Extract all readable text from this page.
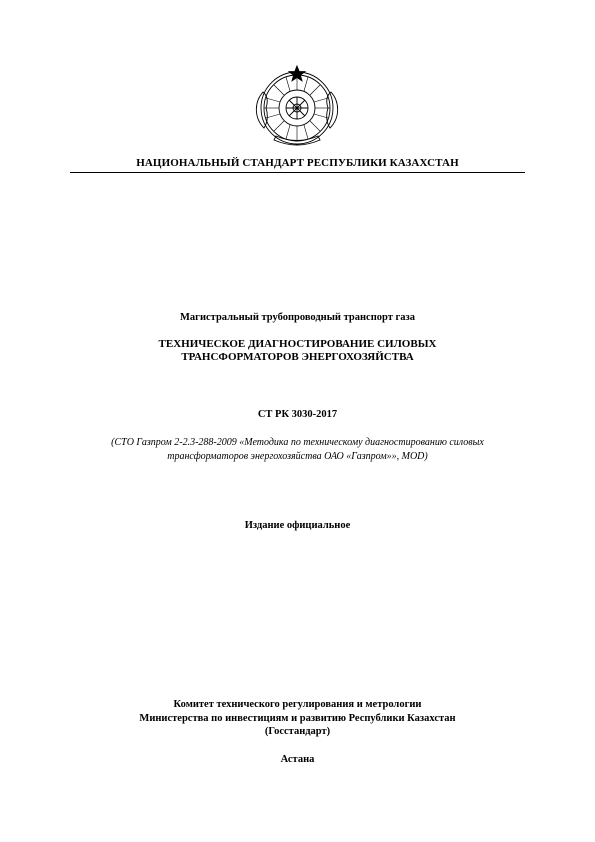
НАЦИОНАЛЬНЫЙ СТАНДАРТ РЕСПУБЛИКИ КАЗАХСТАН
Магистральный трубопроводный транспорт газа
ТЕХНИЧЕСКОЕ ДИАГНОСТИРОВАНИЕ СИЛОВЫХ
ТРАНСФОРМАТОРОВ ЭНЕРГОХОЗЯЙСТВА
СТ РК 3030-2017
(СТО Газпром 2-2.3-288-2009 «Методика по техническому диагностированию силовых
трансформаторов энергохозяйства ОАО «Газпром»», MOD)
Издание официальное
Комитет технического регулирования и метрологии
Министерства по инвестициям и развитию Республики Казахстан
(Госстандарт)
Астана
